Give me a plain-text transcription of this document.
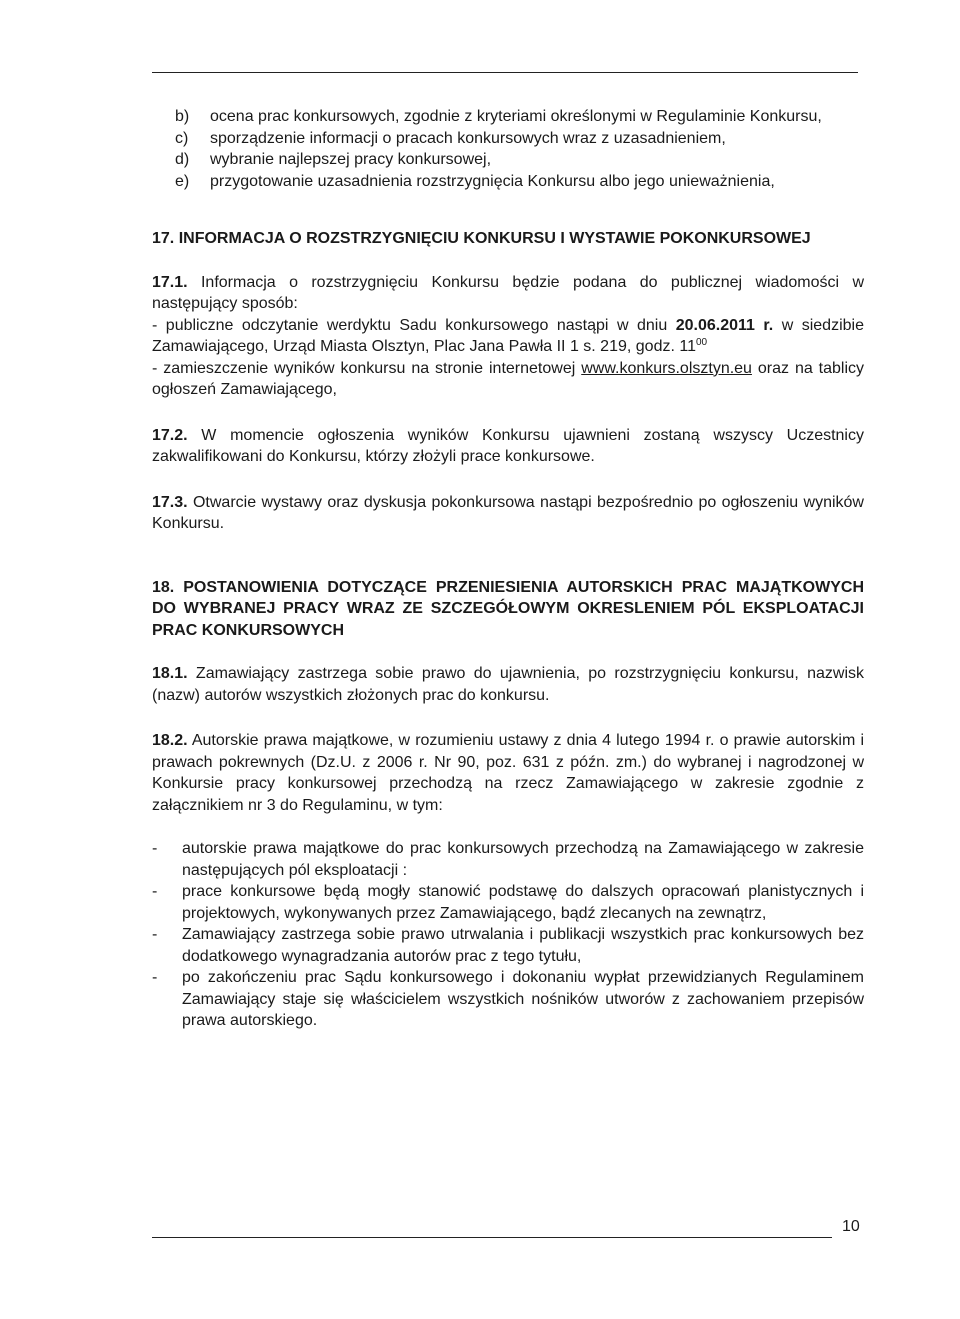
b) ocena prac konkursowych, zgodnie z kryteriami określonymi w Regulaminie Konkursu,
c) sporządzenie informacji o pracach konkursowych wraz z uzasadnieniem,
d) wybranie najlepszej pracy konkursowej,
e) przygotowanie uzasadnienia rozstrzygnięcia Konkursu albo jego unieważnienia,

17. INFORMACJA O ROZSTRZYGNIĘCIU KONKURSU I WYSTAWIE POKONKURSOWEJ

17.1. Informacja o rozstrzygnięciu Konkursu będzie podana do publicznej wiadomości w następujący sposób:

- publiczne odczytanie werdyktu Sadu konkursowego nastąpi w dniu 20.06.2011 r. w siedzibie Zamawiającego, Urząd Miasta Olsztyn, Plac Jana Pawła II 1 s. 219, godz. $11^{00}$

- zamieszczenie wyników konkursu na stronie internetowej www.konkurs.olsztyn.eu oraz na tablicy ogłoszeń Zamawiającego,

17.2. W momencie ogłoszenia wyników Konkursu ujawnieni zostaną wszyscy Uczestnicy zakwalifikowani do Konkursu, którzy złożyli prace konkursowe.

17.3. Otwarcie wystawy oraz dyskusja pokonkursowa nastąpi bezpośrednio po ogłoszeniu wyników Konkursu.

18. POSTANOWIENIA DOTYCZĄCE PRZENIESIENIA AUTORSKICH PRAC MAJĄTKOWYCH DO WYBRANEJ PRACY WRAZ ZE SZCZEGÓŁOWYM OKRESLENIEM PÓL EKSPLOATACJI PRAC KONKURSOWYCH

18.1. Zamawiający zastrzega sobie prawo do ujawnienia, po rozstrzygnięciu konkursu, nazwisk (nazw) autorów wszystkich złożonych prac do konkursu.

18.2. Autorskie prawa majątkowe, w rozumieniu ustawy z dnia 4 lutego 1994 r. o prawie autorskim i prawach pokrewnych (Dz.U. z 2006 r. Nr 90, poz. 631 z późn. zm.) do wybranej i nagrodzonej w Konkursie pracy konkursowej przechodzą na rzecz Zamawiającego w zakresie zgodnie z załącznikiem nr 3 do Regulaminu, w tym:

- autorskie prawa majątkowe do prac konkursowych przechodzą na Zamawiającego w zakresie następujących pól eksploatacji :
- prace konkursowe będą mogły stanowić podstawę do dalszych opracowań planistycznych i projektowych, wykonywanych przez Zamawiającego, bądź zlecanych na zewnątrz,
- Zamawiający zastrzega sobie prawo utrwalania i publikacji wszystkich prac konkursowych bez dodatkowego wynagradzania autorów prac z tego tytułu,
- po zakończeniu prac Sądu konkursowego i dokonaniu wypłat przewidzianych Regulaminem Zamawiający staje się właścicielem wszystkich nośników utworów z zachowaniem przepisów prawa autorskiego.
10
